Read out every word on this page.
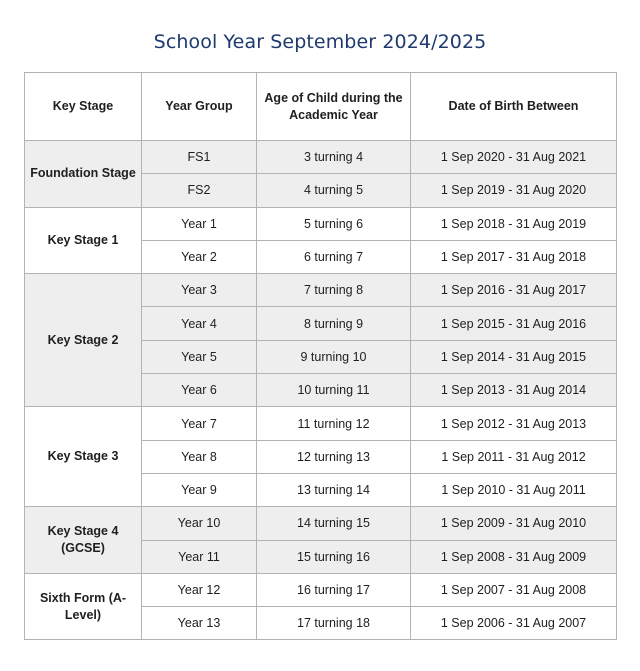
School Year September 2024/2025
Key Stage	Year Group	Age of Child during the Academic Year	Date of Birth Between
Foundation Stage	FS1	3 turning 4	1 Sep 2020 - 31 Aug 2021
	FS2	4 turning 5	1 Sep 2019 - 31 Aug 2020
Key Stage 1	Year 1	5 turning 6	1 Sep 2018 - 31 Aug 2019
	Year 2	6 turning 7	1 Sep 2017 - 31 Aug 2018
Key Stage 2	Year 3	7 turning 8	1 Sep 2016 - 31 Aug 2017
	Year 4	8 turning 9	1 Sep 2015 - 31 Aug 2016
	Year 5	9 turning 10	1 Sep 2014 - 31 Aug 2015
	Year 6	10 turning 11	1 Sep 2013 - 31 Aug 2014
Key Stage 3	Year 7	11 turning 12	1 Sep 2012 - 31 Aug 2013
	Year 8	12 turning 13	1 Sep 2011 - 31 Aug 2012
	Year 9	13 turning 14	1 Sep 2010 - 31 Aug 2011
Key Stage 4 (GCSE)	Year 10	14 turning 15	1 Sep 2009 - 31 Aug 2010
	Year 11	15 turning 16	1 Sep 2008 - 31 Aug 2009
Sixth Form (A-Level)	Year 12	16 turning 17	1 Sep 2007 - 31 Aug 2008
	Year 13	17 turning 18	1 Sep 2006 - 31 Aug 2007
